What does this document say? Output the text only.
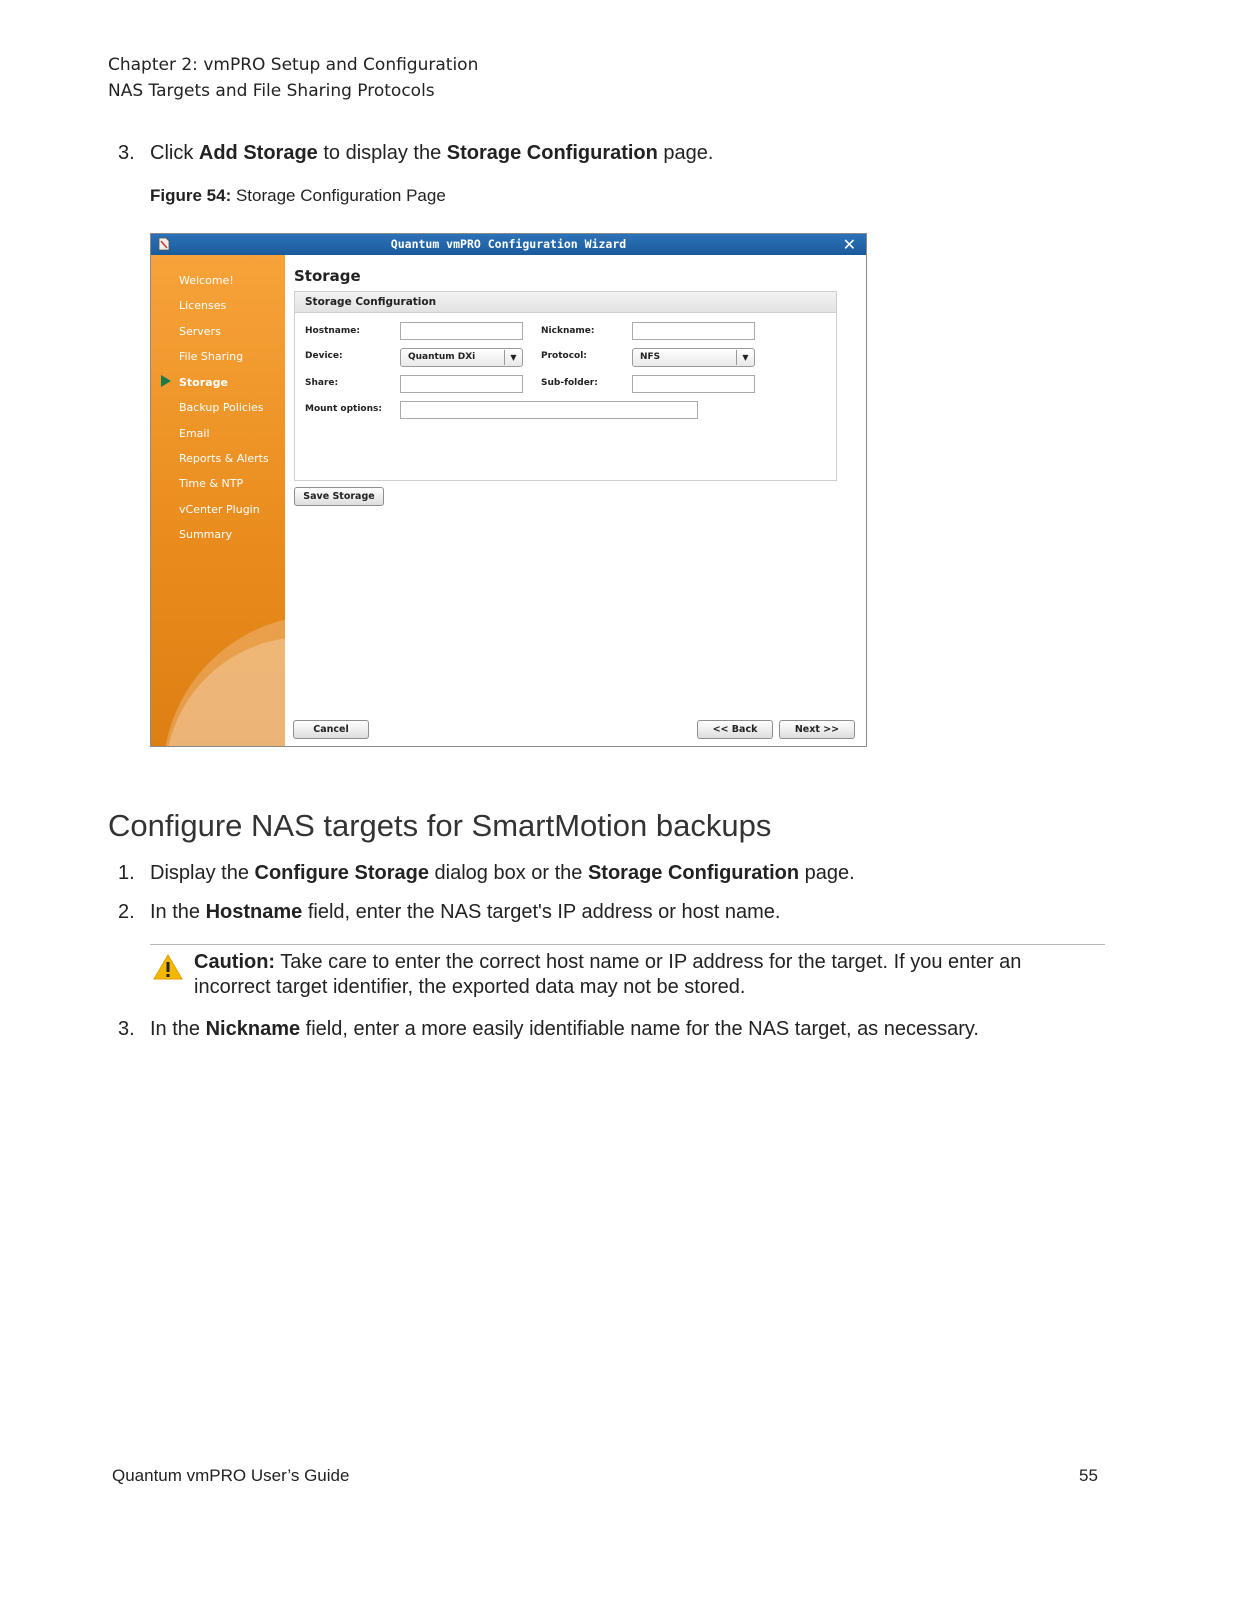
Chapter 2: vmPRO Setup and Configuration
NAS Targets and File Sharing Protocols
3. Click Add Storage to display the Storage Configuration page.
Figure 54: Storage Configuration Page
Quantum vmPRO Configuration Wizard	✕
Welcome!
Licenses
Servers
File Sharing
Storage
Backup Policies
Email
Reports & Alerts
Time & NTP
vCenter Plugin
Summary
Storage
Storage Configuration
Hostname:	Nickname:
Device:	Quantum DXi	▼	Protocol:	NFS	▼
Share:	Sub-folder:
Mount options:
Save Storage
Cancel	<< Back	Next >>
Configure NAS targets for SmartMotion backups
1. Display the Configure Storage dialog box or the Storage Configuration page.
2. In the Hostname field, enter the NAS target's IP address or host name.
Caution: Take care to enter the correct host name or IP address for the target. If you enter an incorrect target identifier, the exported data may not be stored.
3. In the Nickname field, enter a more easily identifiable name for the NAS target, as necessary.
Quantum vmPRO User’s Guide	55
